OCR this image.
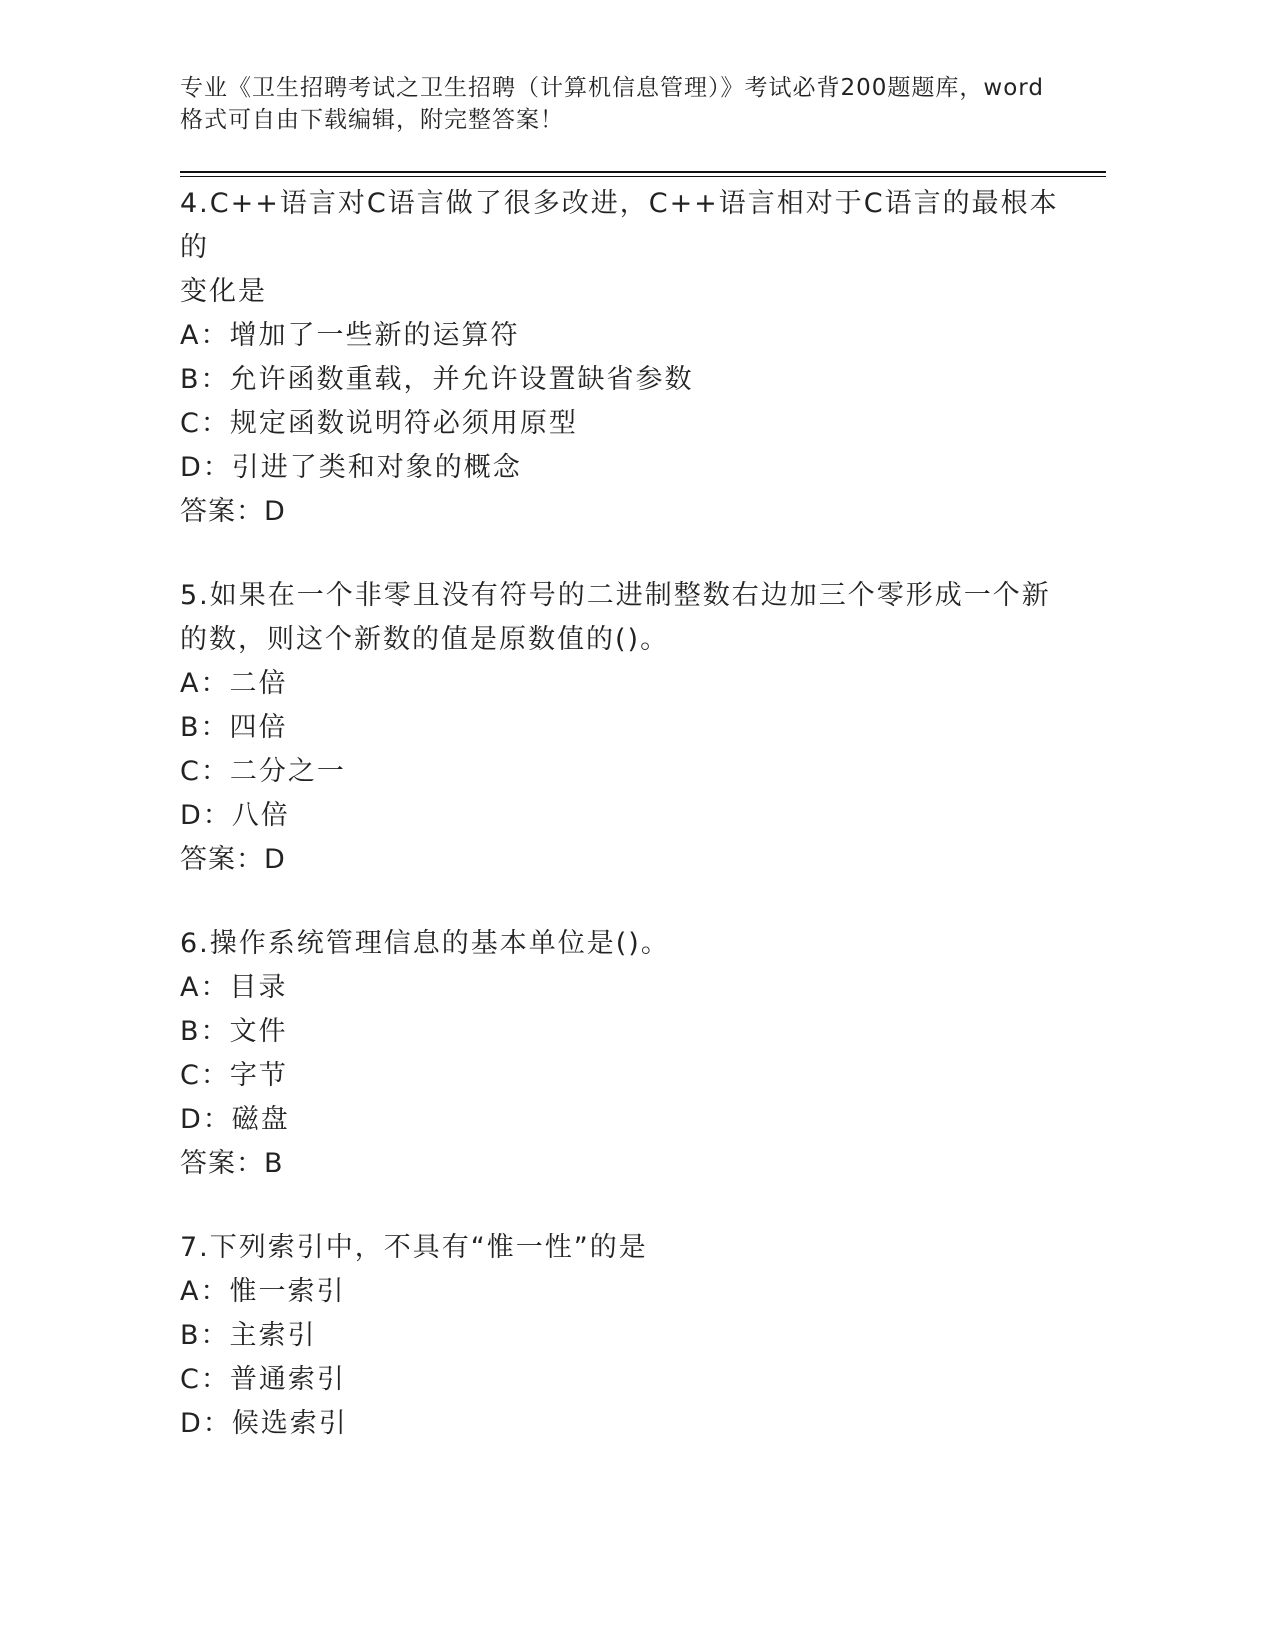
专业《卫生招聘考试之卫生招聘（计算机信息管理）》考试必背200题题库，word
格式可自由下载编辑，附完整答案！

4.C++语言对C语言做了很多改进，C++语言相对于C语言的最根本的

变化是

A：增加了一些新的运算符

B：允许函数重载，并允许设置缺省参数

C：规定函数说明符必须用原型

D：引进了类和对象的概念

答案：D

5.如果在一个非零且没有符号的二进制整数右边加三个零形成一个新

的数，则这个新数的值是原数值的()。

A：二倍

B：四倍

C：二分之一

D：八倍

答案：D

6.操作系统管理信息的基本单位是()。

A：目录

B：文件

C：字节

D：磁盘

答案：B

7.下列索引中，不具有“惟一性”的是

A：惟一索引

B：主索引

C：普通索引

D：候选索引
